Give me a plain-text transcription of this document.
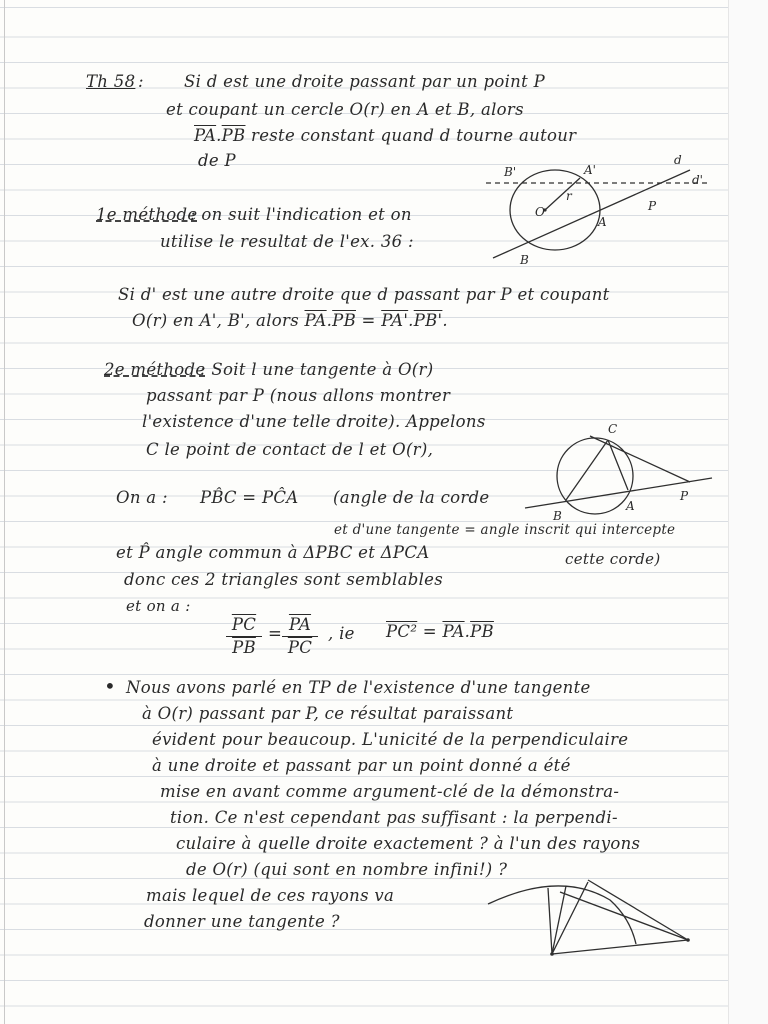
Th 58 : Si d est une droite passant par un point P
et coupant un cercle O(r) en A et B, alors
$\overline{PA}.\overline{PB}$ reste constant quand d tourne autour
de P
B'	A'
d
d'
O
r
A
P
B
1e méthode
: on suit l'indication et on
utilise le resultat de l'ex. 36 :
Si d' est une autre droite que d passant par P et coupant
O(r) en A', B', alors $\overline{PA}.\overline{PB} = PA'.PB'$.
2e méthode
: Soit l une tangente à O(r)
passant par P (nous allons montrer
l'existence d'une telle droite). Appelons
C le point de contact de l et O(r),
C
A
P
B
On a : PB̂C = PĈA (angle de la corde
et d'une tangente = angle inscrit qui intercepte
et P̂ angle commun à ΔPBC et ΔPCA	cette corde)
donc ces 2 triangles sont semblables
et on a :
$\frac{\overline{PC}}{PB} = \frac{\overline{PA}}{PC}$ , ie $PC^2 = \overline{PA}.\overline{PB}$
• Nous avons parlé en TP de l'existence d'une tangente
à O(r) passant par P, ce résultat paraissant
évident pour beaucoup. L'unicité de la perpendiculaire
à une droite et passant par un point donné a été
mise en avant comme argument-clé de la démonstra-
tion. Ce n'est cependant pas suffisant : la perpendi-
culaire à quelle droite exactement ? à l'un des rayons
de O(r) (qui sont en nombre infini!) ?
mais lequel de ces rayons va
donner une tangente ?
